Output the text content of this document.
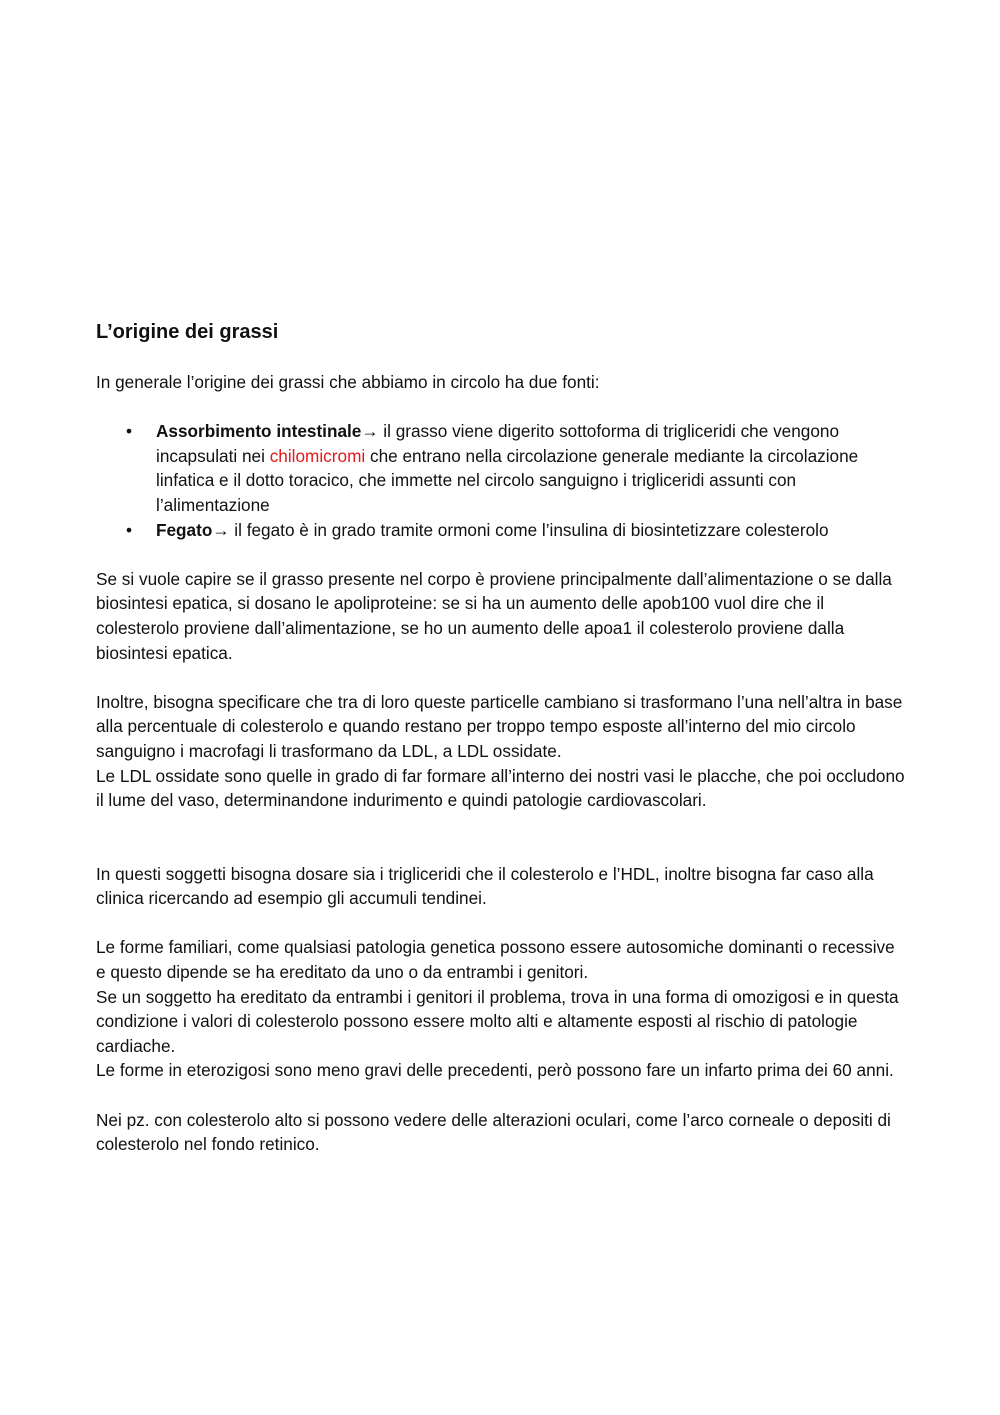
L’origine dei grassi

In generale l’origine dei grassi che abbiamo in circolo ha due fonti:

• Assorbimento intestinale→ il grasso viene digerito sottoforma di trigliceridi che vengono incapsulati nei chilomicromi che entrano nella circolazione generale mediante la circolazione linfatica e il dotto toracico, che immette nel circolo sanguigno i trigliceridi assunti con l’alimentazione
• Fegato→ il fegato è in grado tramite ormoni come l’insulina di biosintetizzare colesterolo

Se si vuole capire se il grasso presente nel corpo è proviene principalmente dall’alimentazione o se dalla biosintesi epatica, si dosano le apoliproteine: se si ha un aumento delle apob100 vuol dire che il colesterolo proviene dall’alimentazione, se ho un aumento delle apoa1 il colesterolo proviene dalla biosintesi epatica.

Inoltre, bisogna specificare che tra di loro queste particelle cambiano si trasformano l’una nell’altra in base alla percentuale di colesterolo e quando restano per troppo tempo esposte all’interno del mio circolo sanguigno i macrofagi li trasformano da LDL, a LDL ossidate.

Le LDL ossidate sono quelle in grado di far formare all’interno dei nostri vasi le placche, che poi occludono il lume del vaso, determinandone indurimento e quindi patologie cardiovascolari.

In questi soggetti bisogna dosare sia i trigliceridi che il colesterolo e l’HDL, inoltre bisogna far caso alla clinica ricercando ad esempio gli accumuli tendinei.

Le forme familiari, come qualsiasi patologia genetica possono essere autosomiche dominanti o recessive e questo dipende se ha ereditato da uno o da entrambi i genitori.

Se un soggetto ha ereditato da entrambi i genitori il problema, trova in una forma di omozigosi e in questa condizione i valori di colesterolo possono essere molto alti e altamente esposti al rischio di patologie cardiache.

Le forme in eterozigosi sono meno gravi delle precedenti, però possono fare un infarto prima dei 60 anni.

Nei pz. con colesterolo alto si possono vedere delle alterazioni oculari, come l’arco corneale o depositi di colesterolo nel fondo retinico.
